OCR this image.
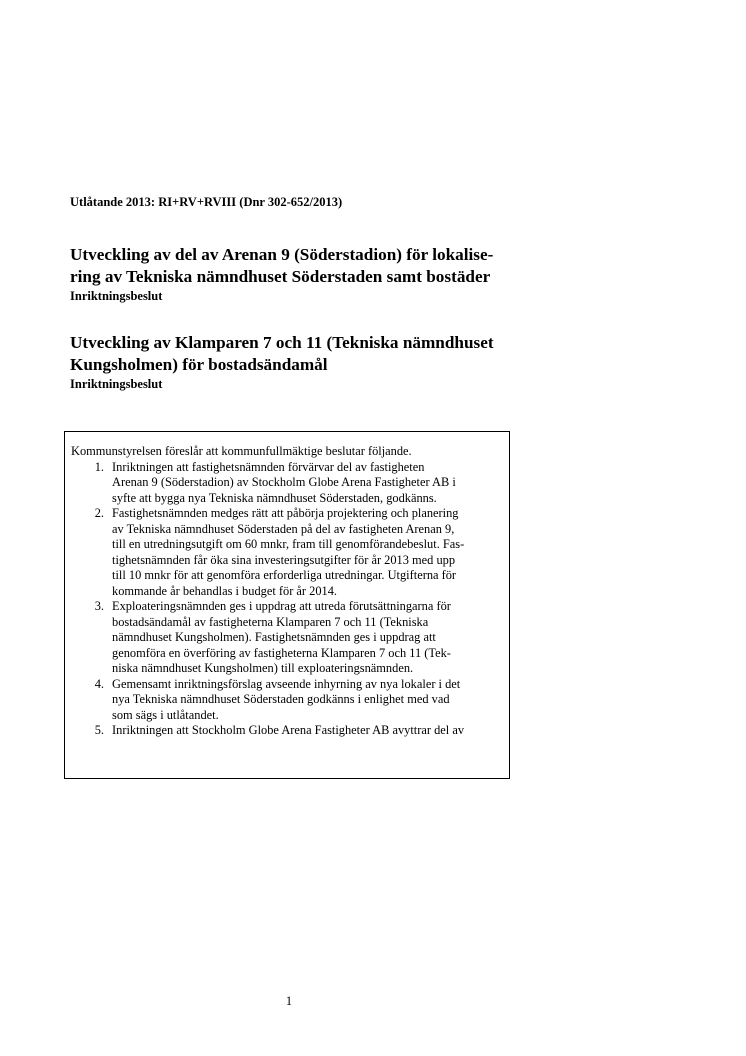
Utlåtande 2013: RI+RV+RVIII (Dnr 302-652/2013)
Utveckling av del av Arenan 9 (Söderstadion) för lokalise-
ring av Tekniska nämndhuset Söderstaden samt bostäder
Inriktningsbeslut
Utveckling av Klamparen 7 och 11 (Tekniska nämndhuset
Kungsholmen) för bostadsändamål
Inriktningsbeslut
Kommunstyrelsen föreslår att kommunfullmäktige beslutar följande.
1. Inriktningen att fastighetsnämnden förvärvar del av fastigheten
Arenan 9 (Söderstadion) av Stockholm Globe Arena Fastigheter AB i
syfte att bygga nya Tekniska nämndhuset Söderstaden, godkänns.
2. Fastighetsnämnden medges rätt att påbörja projektering och planering
av Tekniska nämndhuset Söderstaden på del av fastigheten Arenan 9,
till en utredningsutgift om 60 mnkr, fram till genomförandebeslut. Fas-
tighetsnämnden får öka sina investeringsutgifter för år 2013 med upp
till 10 mnkr för att genomföra erforderliga utredningar. Utgifterna för
kommande år behandlas i budget för år 2014.
3. Exploateringsnämnden ges i uppdrag att utreda förutsättningarna för
bostadsändamål av fastigheterna Klamparen 7 och 11 (Tekniska
nämndhuset Kungsholmen). Fastighetsnämnden ges i uppdrag att
genomföra en överföring av fastigheterna Klamparen 7 och 11 (Tek-
niska nämndhuset Kungsholmen) till exploateringsnämnden.
4. Gemensamt inriktningsförslag avseende inhyrning av nya lokaler i det
nya Tekniska nämndhuset Söderstaden godkänns i enlighet med vad
som sägs i utlåtandet.
5. Inriktningen att Stockholm Globe Arena Fastigheter AB avyttrar del av
1
